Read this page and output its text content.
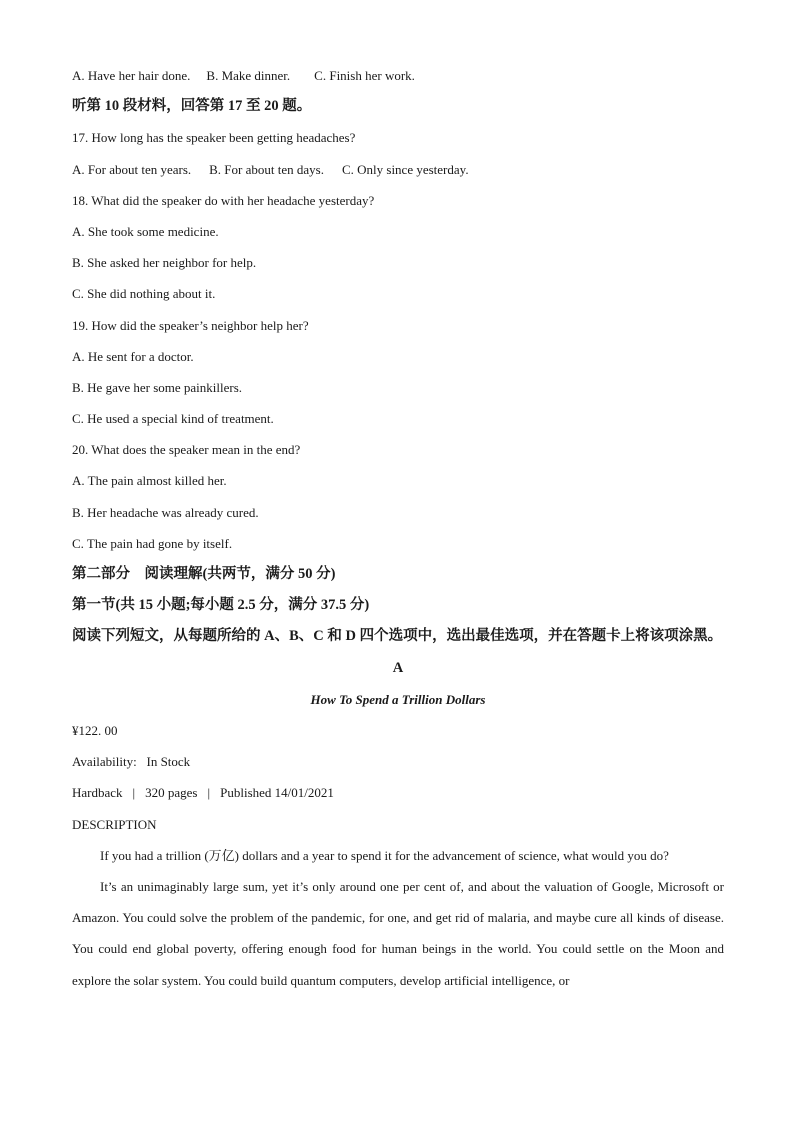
A. Have her hair done. B. Make dinner. C. Finish her work.
听第 10 段材料，回答第 17 至 20 题。
17. How long has the speaker been getting headaches?
A. For about ten years. B. For about ten days. C. Only since yesterday.
18. What did the speaker do with her headache yesterday?
A. She took some medicine.
B. She asked her neighbor for help.
C. She did nothing about it.
19. How did the speaker’s neighbor help her?
A. He sent for a doctor.
B. He gave her some painkillers.
C. He used a special kind of treatment.
20. What does the speaker mean in the end?
A. The pain almost killed her.
B. Her headache was already cured.
C. The pain had gone by itself.
第二部分　阅读理解(共两节，满分 50 分)
第一节(共 15 小题;每小题 2.5 分，满分 37.5 分)
阅读下列短文，从每题所给的 A、B、C 和 D 四个选项中，选出最佳选项，并在答题卡上将该项涂黑。
A
How To Spend a Trillion Dollars
¥122. 00
Availability:   In Stock
Hardback | 320 pages | Published 14/01/2021
DESCRIPTION
If you had a trillion (万亿) dollars and a year to spend it for the advancement of science, what would you do?
It’s an unimaginably large sum, yet it’s only around one per cent of, and about the valuation of Google, Microsoft or Amazon. You could solve the problem of the pandemic, for one, and get rid of malaria, and maybe cure all kinds of disease. You could end global poverty, offering enough food for human beings in the world. You could settle on the Moon and explore the solar system. You could build quantum computers, develop artificial intelligence, or
